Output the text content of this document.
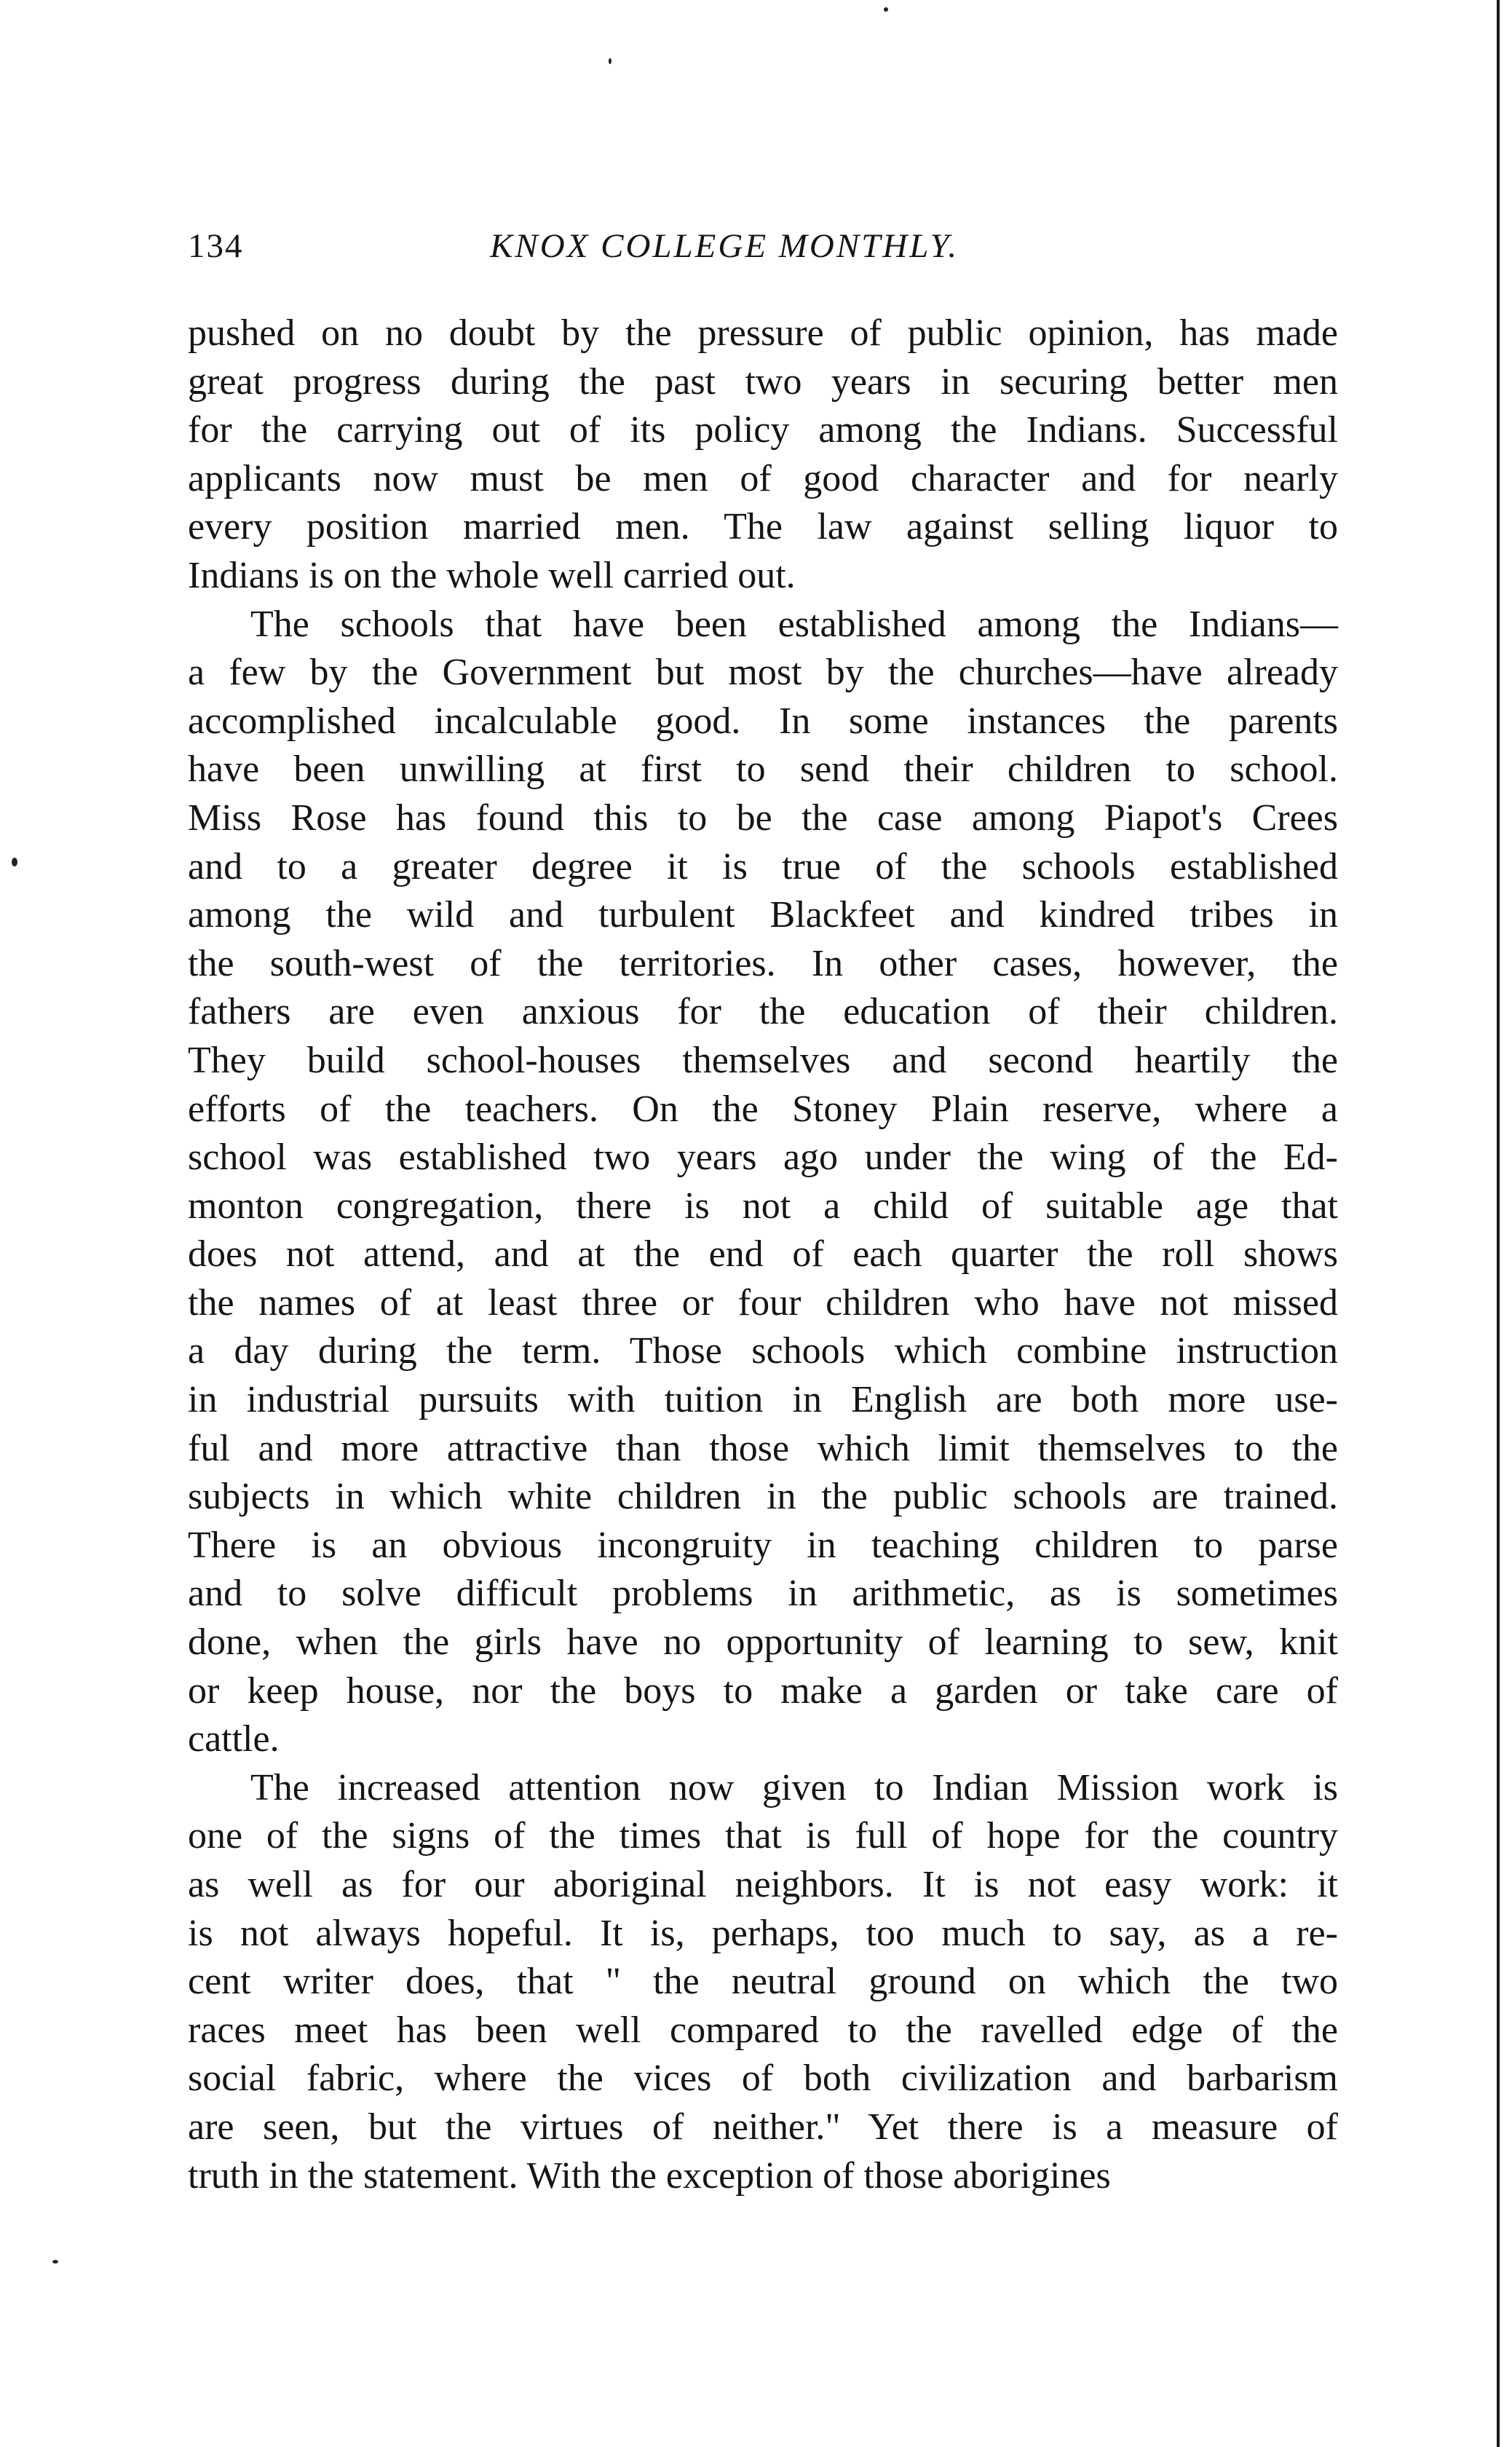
134	KNOX COLLEGE MONTHLY.
pushed on no doubt by the pressure of public opinion, has made
great progress during the past two years in securing better men
for the carrying out of its policy among the Indians. Successful
applicants now must be men of good character and for nearly
every position married men. The law against selling liquor to
Indians is on the whole well carried out.
The schools that have been established among the Indians—
a few by the Government but most by the churches—have already
accomplished incalculable good. In some instances the parents
have been unwilling at first to send their children to school.
Miss Rose has found this to be the case among Piapot's Crees
and to a greater degree it is true of the schools established
among the wild and turbulent Blackfeet and kindred tribes in
the south-west of the territories. In other cases, however, the
fathers are even anxious for the education of their children.
They build school-houses themselves and second heartily the
efforts of the teachers. On the Stoney Plain reserve, where a
school was established two years ago under the wing of the Ed-
monton congregation, there is not a child of suitable age that
does not attend, and at the end of each quarter the roll shows
the names of at least three or four children who have not missed
a day during the term. Those schools which combine instruction
in industrial pursuits with tuition in English are both more use-
ful and more attractive than those which limit themselves to the
subjects in which white children in the public schools are trained.
There is an obvious incongruity in teaching children to parse
and to solve difficult problems in arithmetic, as is sometimes
done, when the girls have no opportunity of learning to sew, knit
or keep house, nor the boys to make a garden or take care of
cattle.
The increased attention now given to Indian Mission work is
one of the signs of the times that is full of hope for the country
as well as for our aboriginal neighbors. It is not easy work: it
is not always hopeful. It is, perhaps, too much to say, as a re-
cent writer does, that " the neutral ground on which the two
races meet has been well compared to the ravelled edge of the
social fabric, where the vices of both civilization and barbarism
are seen, but the virtues of neither." Yet there is a measure of
truth in the statement. With the exception of those aborigines
